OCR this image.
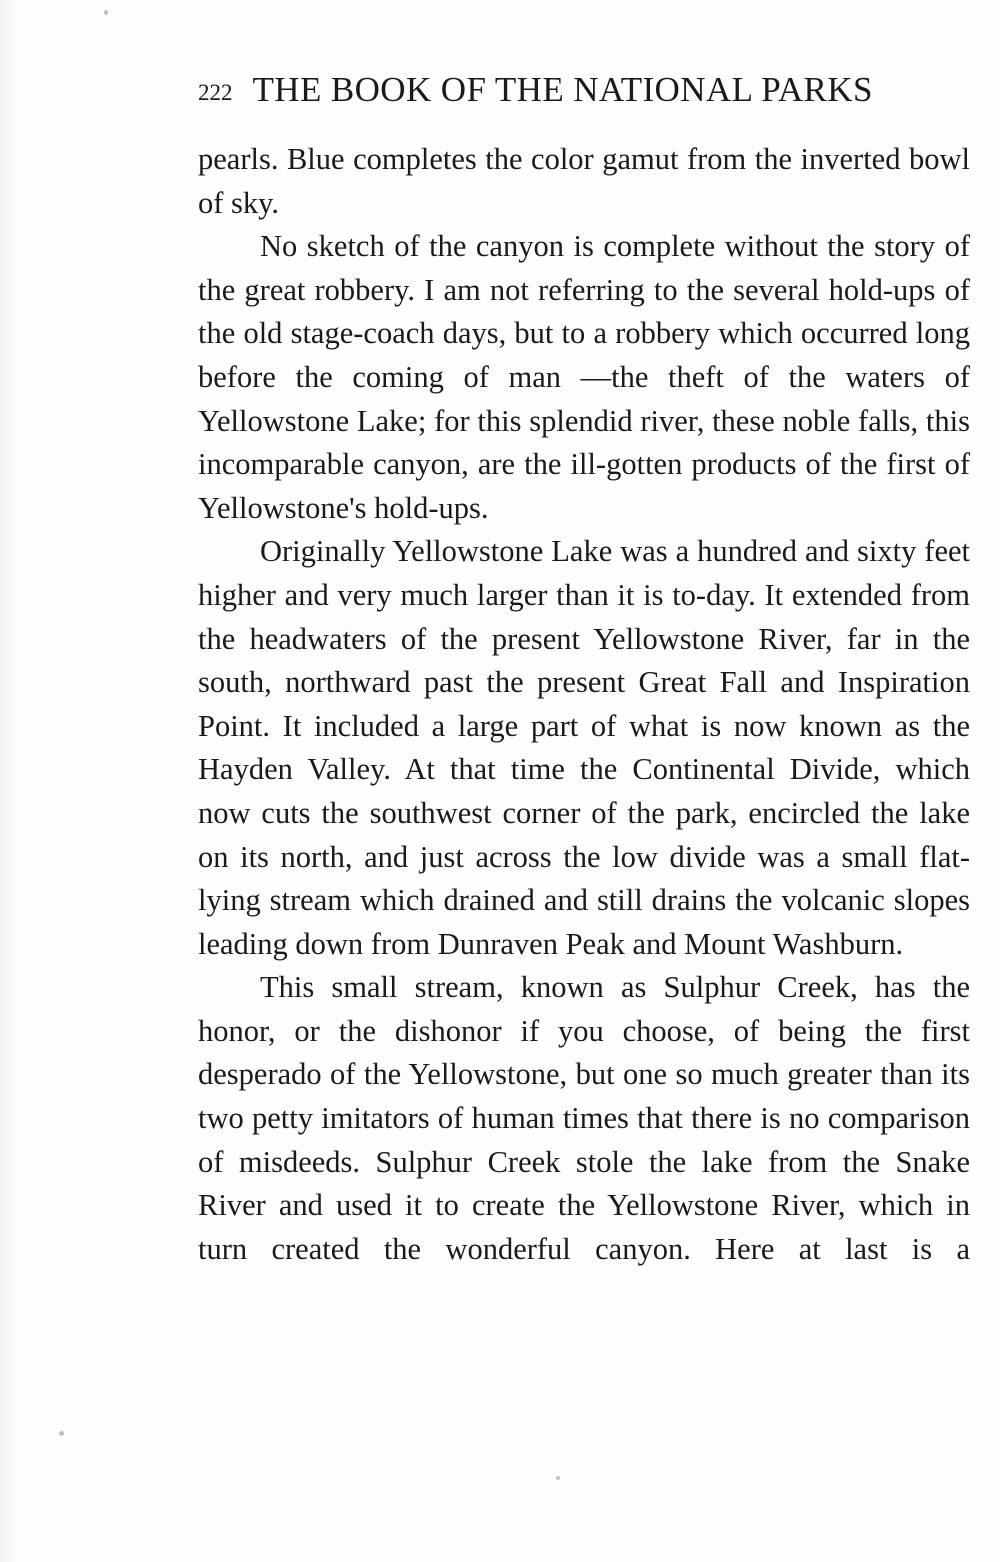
222 THE BOOK OF THE NATIONAL PARKS

pearls. Blue completes the color gamut from the inverted bowl of sky.

No sketch of the canyon is complete without the story of the great robbery. I am not referring to the several hold-ups of the old stage-coach days, but to a robbery which occurred long before the coming of man —the theft of the waters of Yellowstone Lake; for this splendid river, these noble falls, this incomparable canyon, are the ill-gotten products of the first of Yellowstone's hold-ups.

Originally Yellowstone Lake was a hundred and sixty feet higher and very much larger than it is to-day. It extended from the headwaters of the present Yellowstone River, far in the south, northward past the present Great Fall and Inspiration Point. It included a large part of what is now known as the Hayden Valley. At that time the Continental Divide, which now cuts the southwest corner of the park, encircled the lake on its north, and just across the low divide was a small flat-lying stream which drained and still drains the volcanic slopes leading down from Dunraven Peak and Mount Washburn.

This small stream, known as Sulphur Creek, has the honor, or the dishonor if you choose, of being the first desperado of the Yellowstone, but one so much greater than its two petty imitators of human times that there is no comparison of misdeeds. Sulphur Creek stole the lake from the Snake River and used it to create the Yellowstone River, which in turn created the wonderful canyon. Here at last is a
